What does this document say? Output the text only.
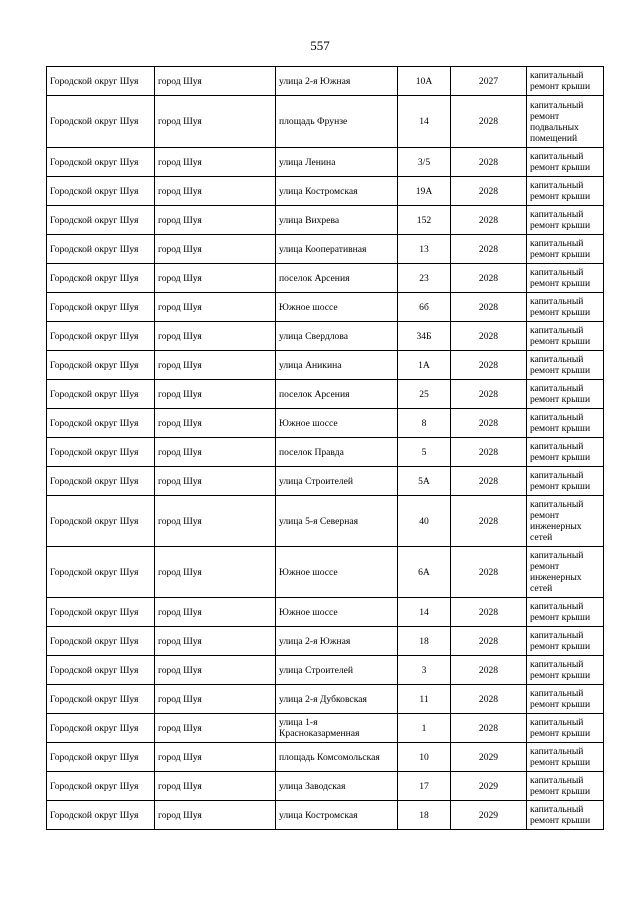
557
Городской округ Шуя	город Шуя	улица 2-я Южная	10А	2027	капитальный ремонт крыши
Городской округ Шуя	город Шуя	площадь Фрунзе	14	2028	капитальный ремонт подвальных помещений
Городской округ Шуя	город Шуя	улица Ленина	3/5	2028	капитальный ремонт крыши
Городской округ Шуя	город Шуя	улица Костромская	19А	2028	капитальный ремонт крыши
Городской округ Шуя	город Шуя	улица Вихрева	152	2028	капитальный ремонт крыши
Городской округ Шуя	город Шуя	улица Кооперативная	13	2028	капитальный ремонт крыши
Городской округ Шуя	город Шуя	поселок Арсения	23	2028	капитальный ремонт крыши
Городской округ Шуя	город Шуя	Южное шоссе	6б	2028	капитальный ремонт крыши
Городской округ Шуя	город Шуя	улица Свердлова	34Б	2028	капитальный ремонт крыши
Городской округ Шуя	город Шуя	улица Аникина	1А	2028	капитальный ремонт крыши
Городской округ Шуя	город Шуя	поселок Арсения	25	2028	капитальный ремонт крыши
Городской округ Шуя	город Шуя	Южное шоссе	8	2028	капитальный ремонт крыши
Городской округ Шуя	город Шуя	поселок Правда	5	2028	капитальный ремонт крыши
Городской округ Шуя	город Шуя	улица Строителей	5А	2028	капитальный ремонт крыши
Городской округ Шуя	город Шуя	улица 5-я Северная	40	2028	капитальный ремонт инженерных сетей
Городской округ Шуя	город Шуя	Южное шоссе	6А	2028	капитальный ремонт инженерных сетей
Городской округ Шуя	город Шуя	Южное шоссе	14	2028	капитальный ремонт крыши
Городской округ Шуя	город Шуя	улица 2-я Южная	18	2028	капитальный ремонт крыши
Городской округ Шуя	город Шуя	улица Строителей	3	2028	капитальный ремонт крыши
Городской округ Шуя	город Шуя	улица 2-я Дубковская	11	2028	капитальный ремонт крыши
Городской округ Шуя	город Шуя	улица 1-я Красноказарменная	1	2028	капитальный ремонт крыши
Городской округ Шуя	город Шуя	площадь Комсомольская	10	2029	капитальный ремонт крыши
Городской округ Шуя	город Шуя	улица Заводская	17	2029	капитальный ремонт крыши
Городской округ Шуя	город Шуя	улица Костромская	18	2029	капитальный ремонт крыши
